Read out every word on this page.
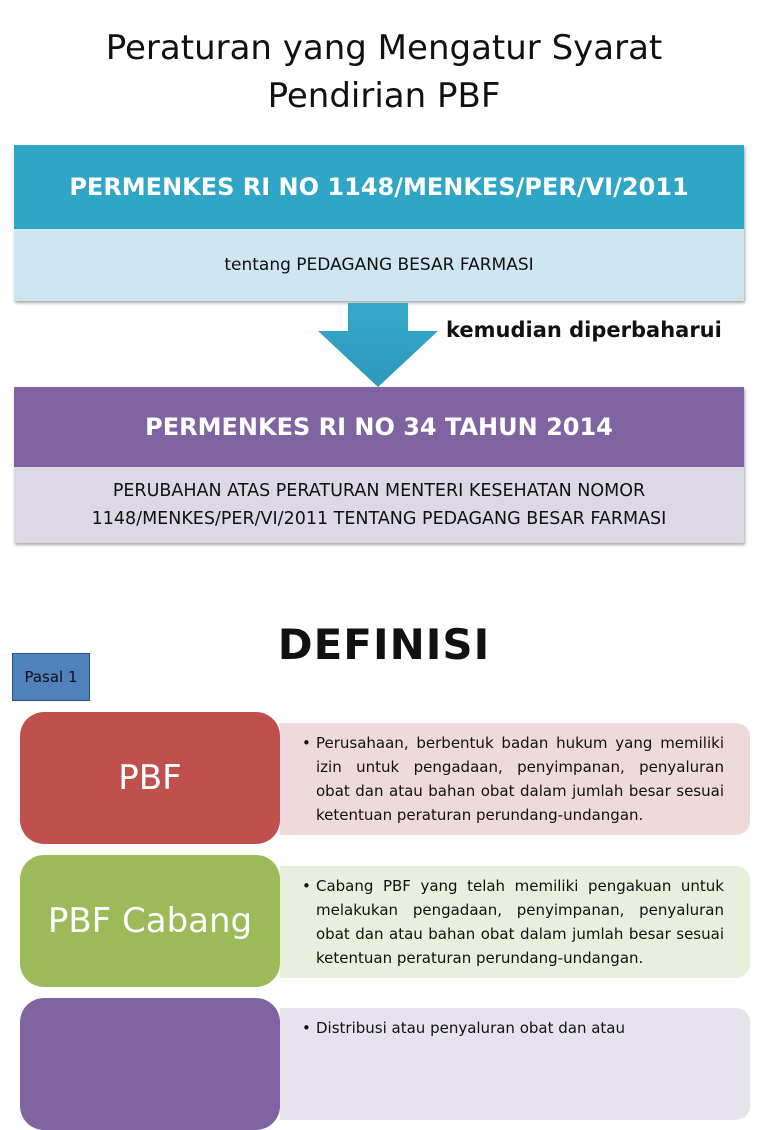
Peraturan yang Mengatur Syarat
Pendirian PBF
PERMENKES RI NO 1148/MENKES/PER/VI/2011
tentang PEDAGANG BESAR FARMASI
kemudian diperbaharui
PERMENKES RI NO 34 TAHUN 2014
PERUBAHAN ATAS PERATURAN MENTERI KESEHATAN NOMOR
1148/MENKES/PER/VI/2011 TENTANG PEDAGANG BESAR FARMASI
DEFINISI
Pasal 1
PBF
• Perusahaan, berbentuk badan hukum yang memiliki izin untuk pengadaan, penyimpanan, penyaluran obat dan atau bahan obat dalam jumlah besar sesuai ketentuan peraturan perundang-undangan.
PBF Cabang
• Cabang PBF yang telah memiliki pengakuan untuk melakukan pengadaan, penyimpanan, penyaluran obat dan atau bahan obat dalam jumlah besar sesuai ketentuan peraturan perundang-undangan.
• Distribusi atau penyaluran obat dan atau
